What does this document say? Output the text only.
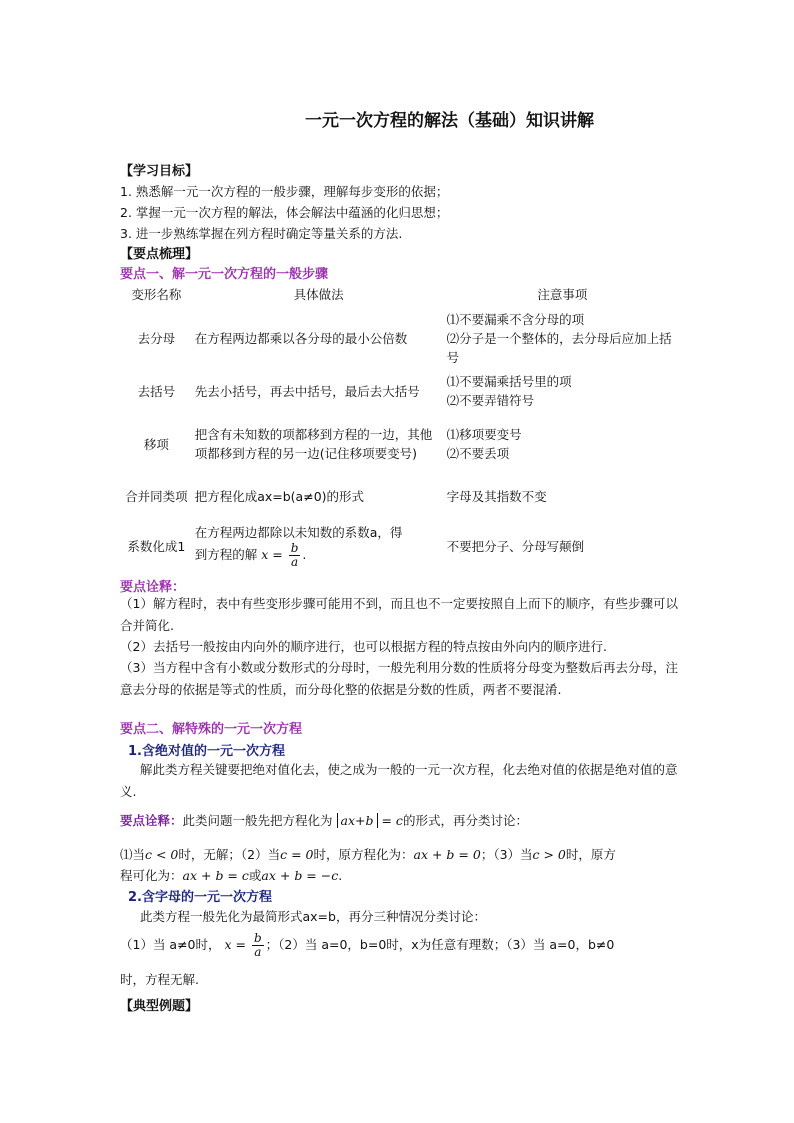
一元一次方程的解法（基础）知识讲解
【学习目标】
1. 熟悉解一元一次方程的一般步骤，理解每步变形的依据；
2. 掌握一元一次方程的解法，体会解法中蕴涵的化归思想；
3. 进一步熟练掌握在列方程时确定等量关系的方法.
【要点梳理】
要点一、解一元一次方程的一般步骤
变形名称	具体做法	注意事项
去分母	在方程两边都乘以各分母的最小公倍数	⑴不要漏乘不含分母的项
⑵分子是一个整体的，去分母后应加上括号

去括号	先去小括号，再去中括号，最后去大括号	⑴不要漏乘括号里的项
⑵不要弄错符号

移项	把含有未知数的项都移到方程的一边，其他项都移到方程的另一边(记住移项要变号)	⑴移项要变号
⑵不要丢项

合并同类项	把方程化成ax=b(a≠0)的形式	字母及其指数不变
系数化成1	在方程两边都除以未知数的系数a，得
到方程的解 $x = \frac{b}{a}$ .	不要把分子、分母写颠倒
要点诠释：
（1）解方程时，表中有些变形步骤可能用不到，而且也不一定要按照自上而下的顺序，有些步骤可以合并简化.
（2）去括号一般按由内向外的顺序进行，也可以根据方程的特点按由外向内的顺序进行.
（3）当方程中含有小数或分数形式的分母时，一般先利用分数的性质将分母变为整数后再去分母，注意去分母的依据是等式的性质，而分母化整的依据是分数的性质，两者不要混淆.
要点二、解特殊的一元一次方程
1.含绝对值的一元一次方程
解此类方程关键要把绝对值化去，使之成为一般的一元一次方程，化去绝对值的依据是绝对值的意义.
要点诠释：此类问题一般先把方程化为 ax+b = c的形式，再分类讨论：
⑴当c < 0时，无解；（2）当c = 0时，原方程化为：ax + b = 0；（3）当c > 0时，原方
程可化为：ax + b = c或ax + b = −c.
2.含字母的一元一次方程
此类方程一般先化为最简形式ax=b，再分三种情况分类讨论：
（1）当 a≠0时， $x = \frac{b}{a}$ ；（2）当 a=0，b=0时，x为任意有理数；（3）当 a=0，b≠0
时，方程无解.
【典型例题】
